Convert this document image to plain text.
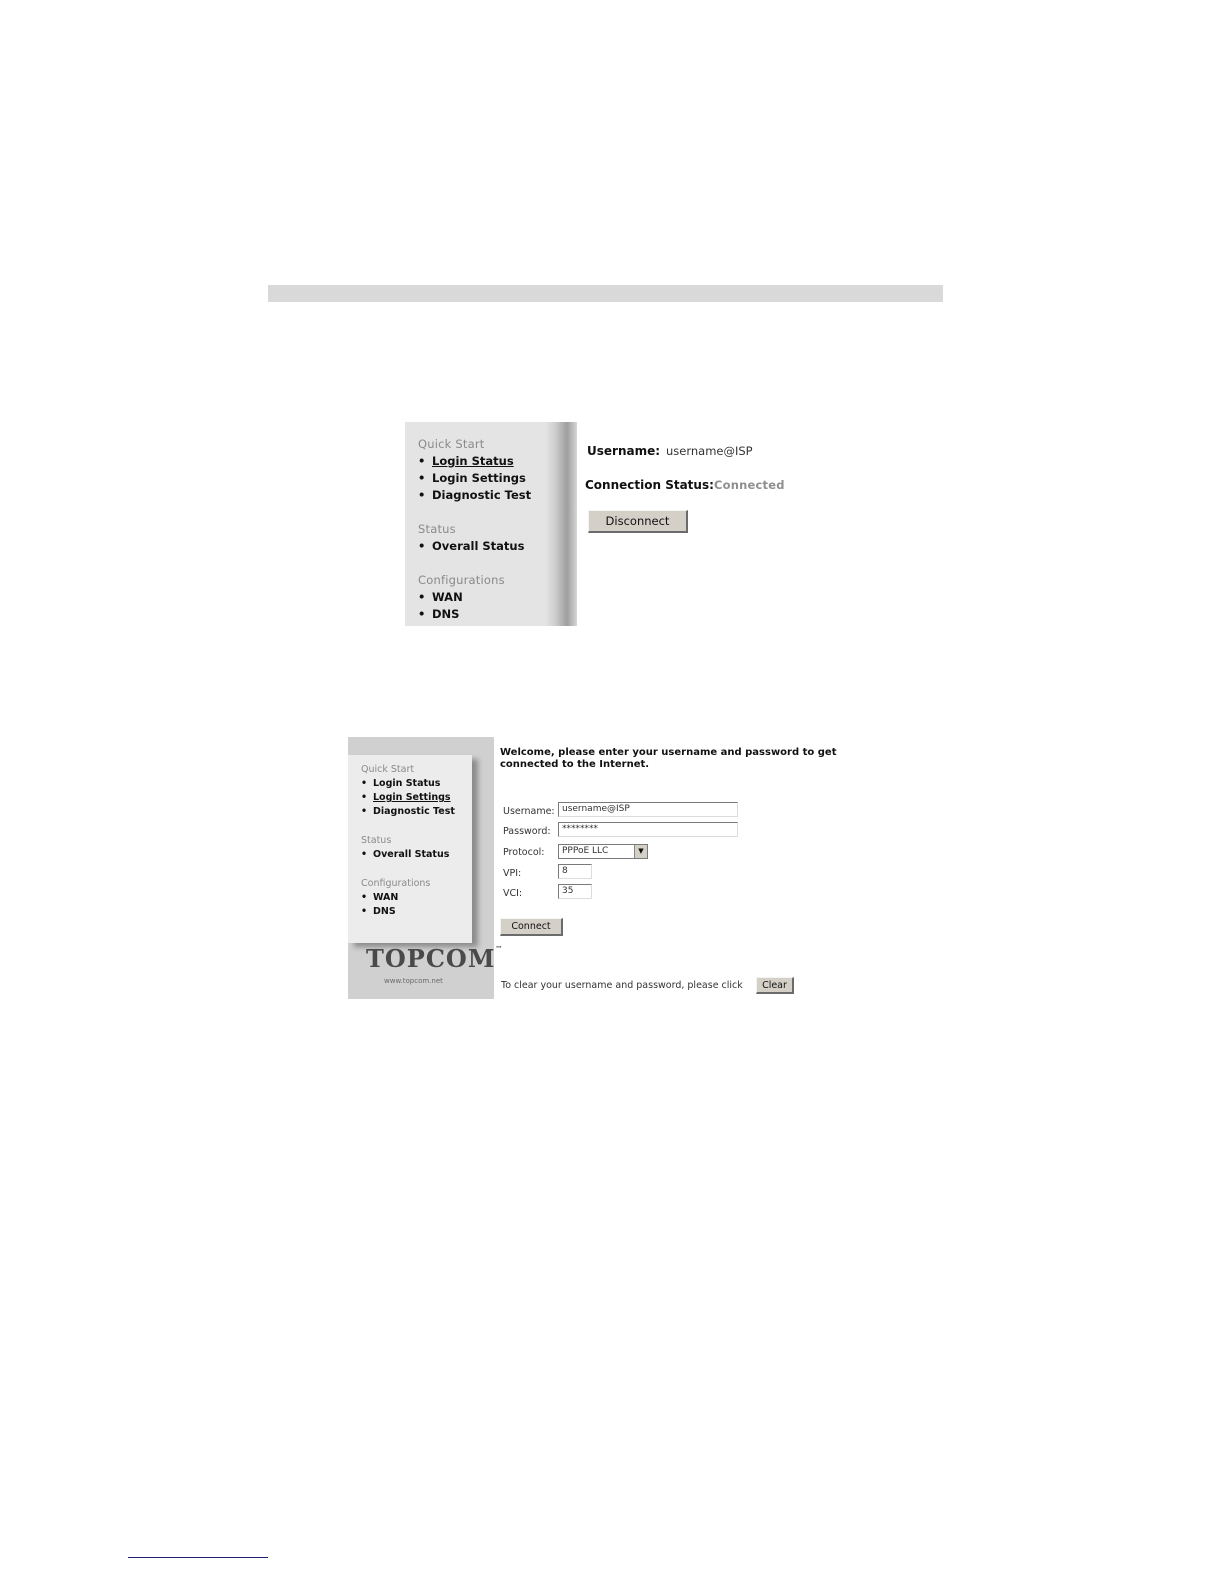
Quick Start
• Login Status
• Login Settings
• Diagnostic Test
Status
• Overall Status
Configurations
• WAN
• DNS
Username: username@ISP
Connection Status: Connected
Disconnect
Quick Start
• Login Status
• Login Settings
• Diagnostic Test
Status
• Overall Status
Configurations
• WAN
• DNS
TOPCOM™
www.topcom.net
Welcome, please enter your username and password to get connected to the Internet.
Username: username@ISP
Password:	********
Protocol:	PPPoE LLC	▼
VPI:	8
VCI:	35
Connect
To clear your username and password, please click	Clear
